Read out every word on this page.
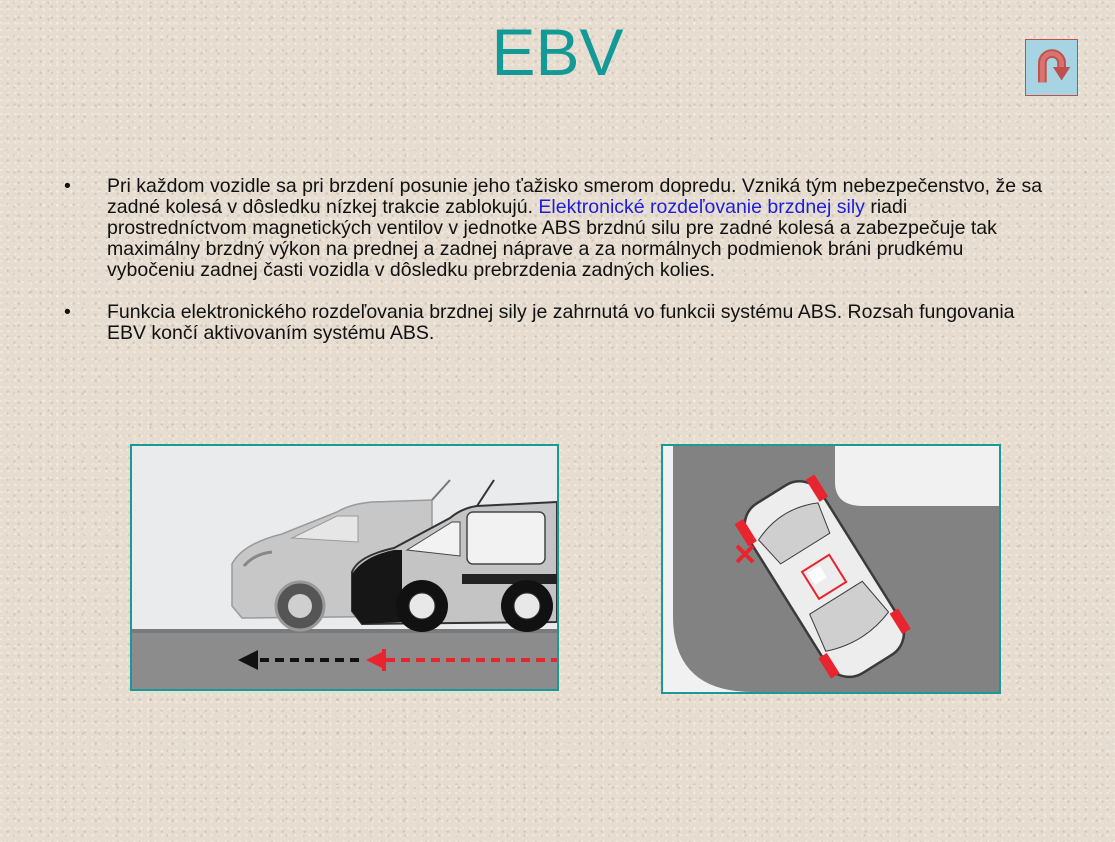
EBV
• Pri každom vozidle sa pri brzdení posunie jeho ťažisko smerom dopredu. Vzniká tým nebezpečenstvo, že sa zadné kolesá v dôsledku nízkej trakcie zablokujú. Elektronické rozdeľovanie brzdnej sily riadi prostredníctvom magnetických ventilov v jednotke ABS brzdnú silu pre zadné kolesá a zabezpečuje tak maximálny brzdný výkon na prednej a zadnej náprave a za normálnych podmienok bráni prudkému vybočeniu zadnej časti vozidla v dôsledku prebrzdenia zadných kolies.
• Funkcia elektronického rozdeľovania brzdnej sily je zahrnutá vo funkcii systému ABS. Rozsah fungovania EBV končí aktivovaním systému ABS.
